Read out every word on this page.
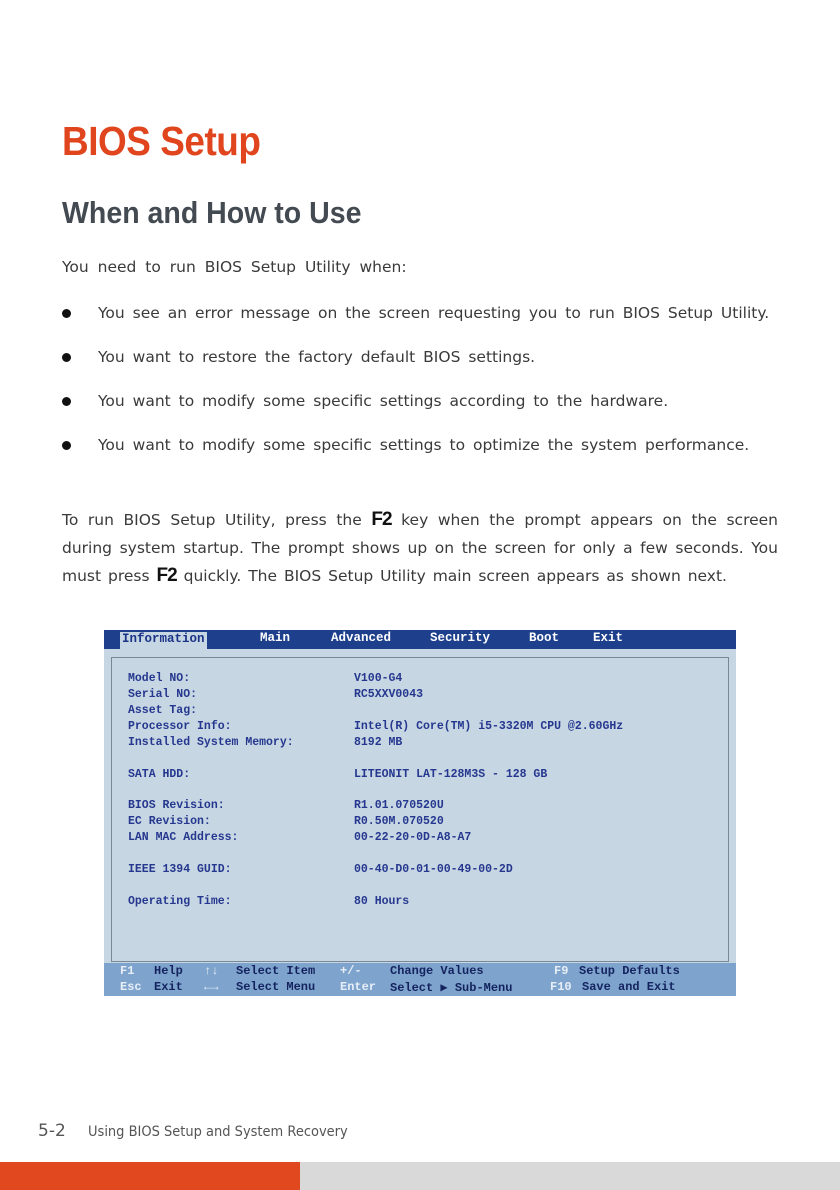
BIOS Setup
When and How to Use
You need to run BIOS Setup Utility when:
You see an error message on the screen requesting you to run BIOS Setup Utility.
You want to restore the factory default BIOS settings.
You want to modify some specific settings according to the hardware.
You want to modify some specific settings to optimize the system performance.
To run BIOS Setup Utility, press the F2 key when the prompt appears on the screen during system startup. The prompt shows up on the screen for only a few seconds. You must press F2 quickly. The BIOS Setup Utility main screen appears as shown next.
Information	Main	Advanced	Security	Boot	Exit
Model NO:	V100-G4
Serial NO:	RC5XXV0043
Asset Tag:
Processor Info:	Intel(R) Core(TM) i5-3320M CPU @2.60GHz
Installed System Memory:	8192 MB
SATA HDD:	LITEONIT LAT-128M3S - 128 GB
BIOS Revision:	R1.01.070520U
EC Revision:	R0.50M.070520
LAN MAC Address:	00-22-20-0D-A8-A7
IEEE 1394 GUID:	00-40-D0-01-00-49-00-2D
Operating Time:	80 Hours
F1 Help ↑↓ Select Item +/- Change Values	F9 Setup Defaults
Esc Exit ←→ Select Menu Enter Select ▶ Sub-Menu	F10 Save and Exit
5-2 Using BIOS Setup and System Recovery
